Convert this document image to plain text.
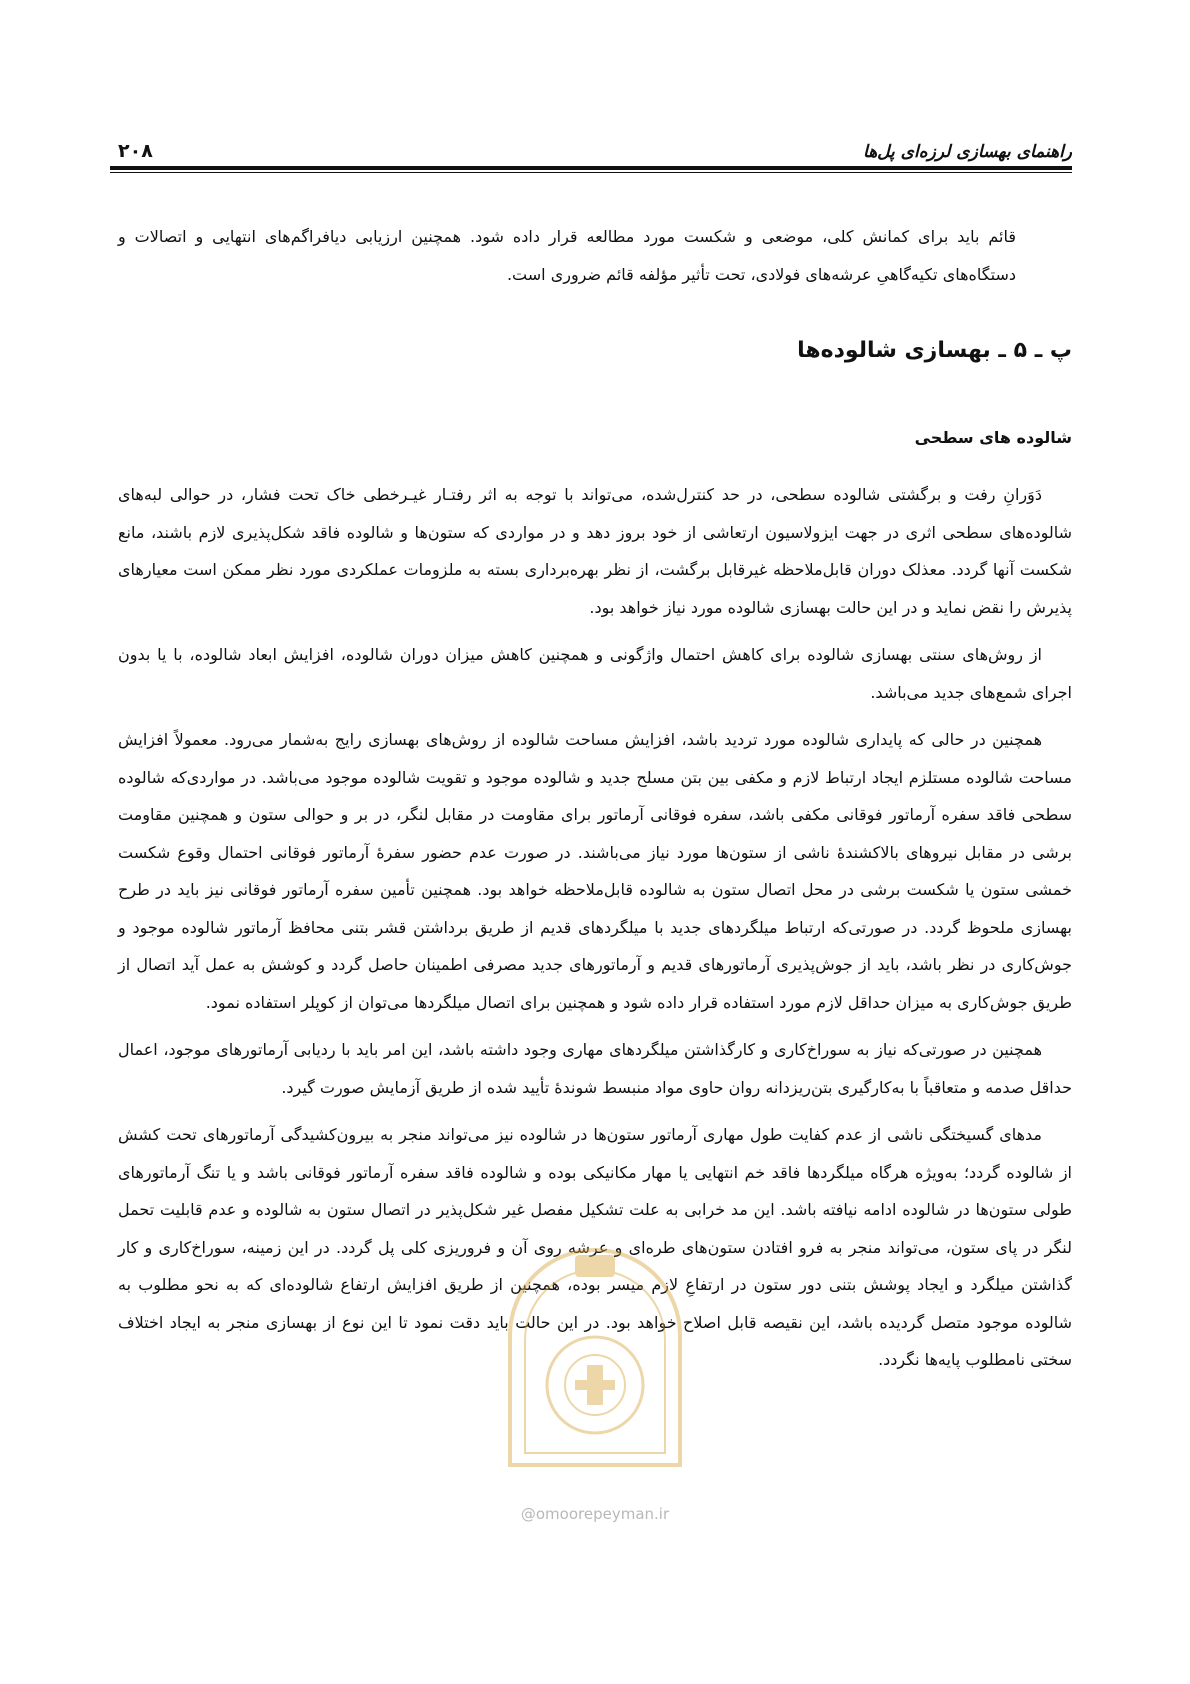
۲۰۸	راهنمای بهسازی لرزه‌ای پل‌ها

قائم باید برای کمانش کلی، موضعی و شکست مورد مطالعه قرار داده شود. همچنین ارزیابی دیافراگم‌های انتهایی و اتصالات و دستگاه‌های تکیه‌گاهیِ عرشه‌های فولادی، تحت تأثیر مؤلفه قائم ضروری است.

پ ـ ۵ ـ بهسازی شالوده‌ها
شالوده های سطحی

دَوَرانِ رفت و برگشتی شالوده سطحی، در حد کنترل‌شده، می‌تواند با توجه به اثر رفتـار غیـرخطی خاک تحت فشار، در حوالی لبه‌های شالوده‌های سطحی اثری در جهت ایزولاسیون ارتعاشی از خود بروز دهد و در مواردی که ستون‌ها و شالوده فاقد شکل‌پذیری لازم باشند، مانع شکست آنها گردد. معذلک دوران قابل‌ملاحظه غیرقابل برگشت، از نظر بهره‌برداری بسته به ملزومات عملکردی مورد نظر ممکن است معیارهای پذیرش را نقض نماید و در این حالت بهسازی شالوده مورد نیاز خواهد بود.

از روش‌های سنتی بهسازی شالوده برای کاهش احتمال واژگونی و همچنین کاهش میزان دوران شالوده، افزایش ابعاد شالوده، با یا بدون اجرای شمع‌های جدید می‌باشد.

همچنین در حالی که پایداری شالوده مورد تردید باشد، افزایش مساحت شالوده از روش‌های بهسازی رایج به‌شمار می‌رود. معمولاً افزایش مساحت شالوده مستلزم ایجاد ارتباط لازم و مکفی بین بتن مسلح جدید و شالوده موجود و تقویت شالوده موجود می‌باشد. در مواردی‌که شالوده سطحی فاقد سفره آرماتور فوقانی مکفی باشد، سفره فوقانی آرماتور برای مقاومت در مقابل لنگر، در بر و حوالی ستون و همچنین مقاومت برشی در مقابل نیروهای بالاکشندهٔ ناشی از ستون‌ها مورد نیاز می‌باشند. در صورت عدم حضور سفرهٔ آرماتور فوقانی احتمال وقوع شکست خمشی ستون یا شکست برشی در محل اتصال ستون به شالوده قابل‌ملاحظه خواهد بود. همچنین تأمین سفره آرماتور فوقانی نیز باید در طرح بهسازی ملحوظ گردد. در صورتی‌که ارتباط میلگردهای جدید با میلگردهای قدیم از طریق برداشتن قشر بتنی محافظ آرماتور شالوده موجود و جوش‌کاری در نظر باشد، باید از جوش‌پذیری آرماتورهای قدیم و آرماتورهای جدید مصرفی اطمینان حاصل گردد و کوشش به عمل آید اتصال از طریق جوش‌کاری به میزان حداقل لازم مورد استفاده قرار داده شود و همچنین برای اتصال میلگردها می‌توان از کوپلر استفاده نمود.

همچنین در صورتی‌که نیاز به سوراخ‌کاری و کارگذاشتن میلگردهای مهاری وجود داشته باشد، این امر باید با ردیابی آرماتورهای موجود، اعمال حداقل صدمه و متعاقباً با به‌کارگیری بتن‌ریزدانه روان حاوی مواد منبسط شوندهٔ تأیید شده از طریق آزمایش صورت گیرد.

مدهای گسیختگی ناشی از عدم کفایت طول مهاری آرماتور ستون‌ها در شالوده نیز می‌تواند منجر به بیرون‌کشیدگی آرماتورهای تحت کشش از شالوده گردد؛ به‌ویژه هرگاه میلگردها فاقد خم انتهایی یا مهار مکانیکی بوده و شالوده فاقد سفره آرماتور فوقانی باشد و یا تنگ آرماتورهای طولی ستون‌ها در شالوده ادامه نیافته باشد. این مد خرابی به علت تشکیل مفصل غیر شکل‌پذیر در اتصال ستون به شالوده و عدم قابلیت تحمل لنگر در پای ستون، می‌تواند منجر به فرو افتادن ستون‌های طره‌ای و عرشه روی آن و فروریزی کلی پل گردد. در این زمینه، سوراخ‌کاری و کار گذاشتن میلگرد و ایجاد پوشش بتنی دور ستون در ارتفاعِ لازم میسر بوده، همچنین از طریق افزایش ارتفاع شالوده‌ای که به نحو مطلوب به شالوده موجود متصل گردیده باشد، این نقیصه قابل اصلاح خواهد بود. در این حالت باید دقت نمود تا این نوع از بهسازی منجر به ایجاد اختلاف سختی نامطلوب پایه‌ها نگردد.

@omoorepeyman.ir
